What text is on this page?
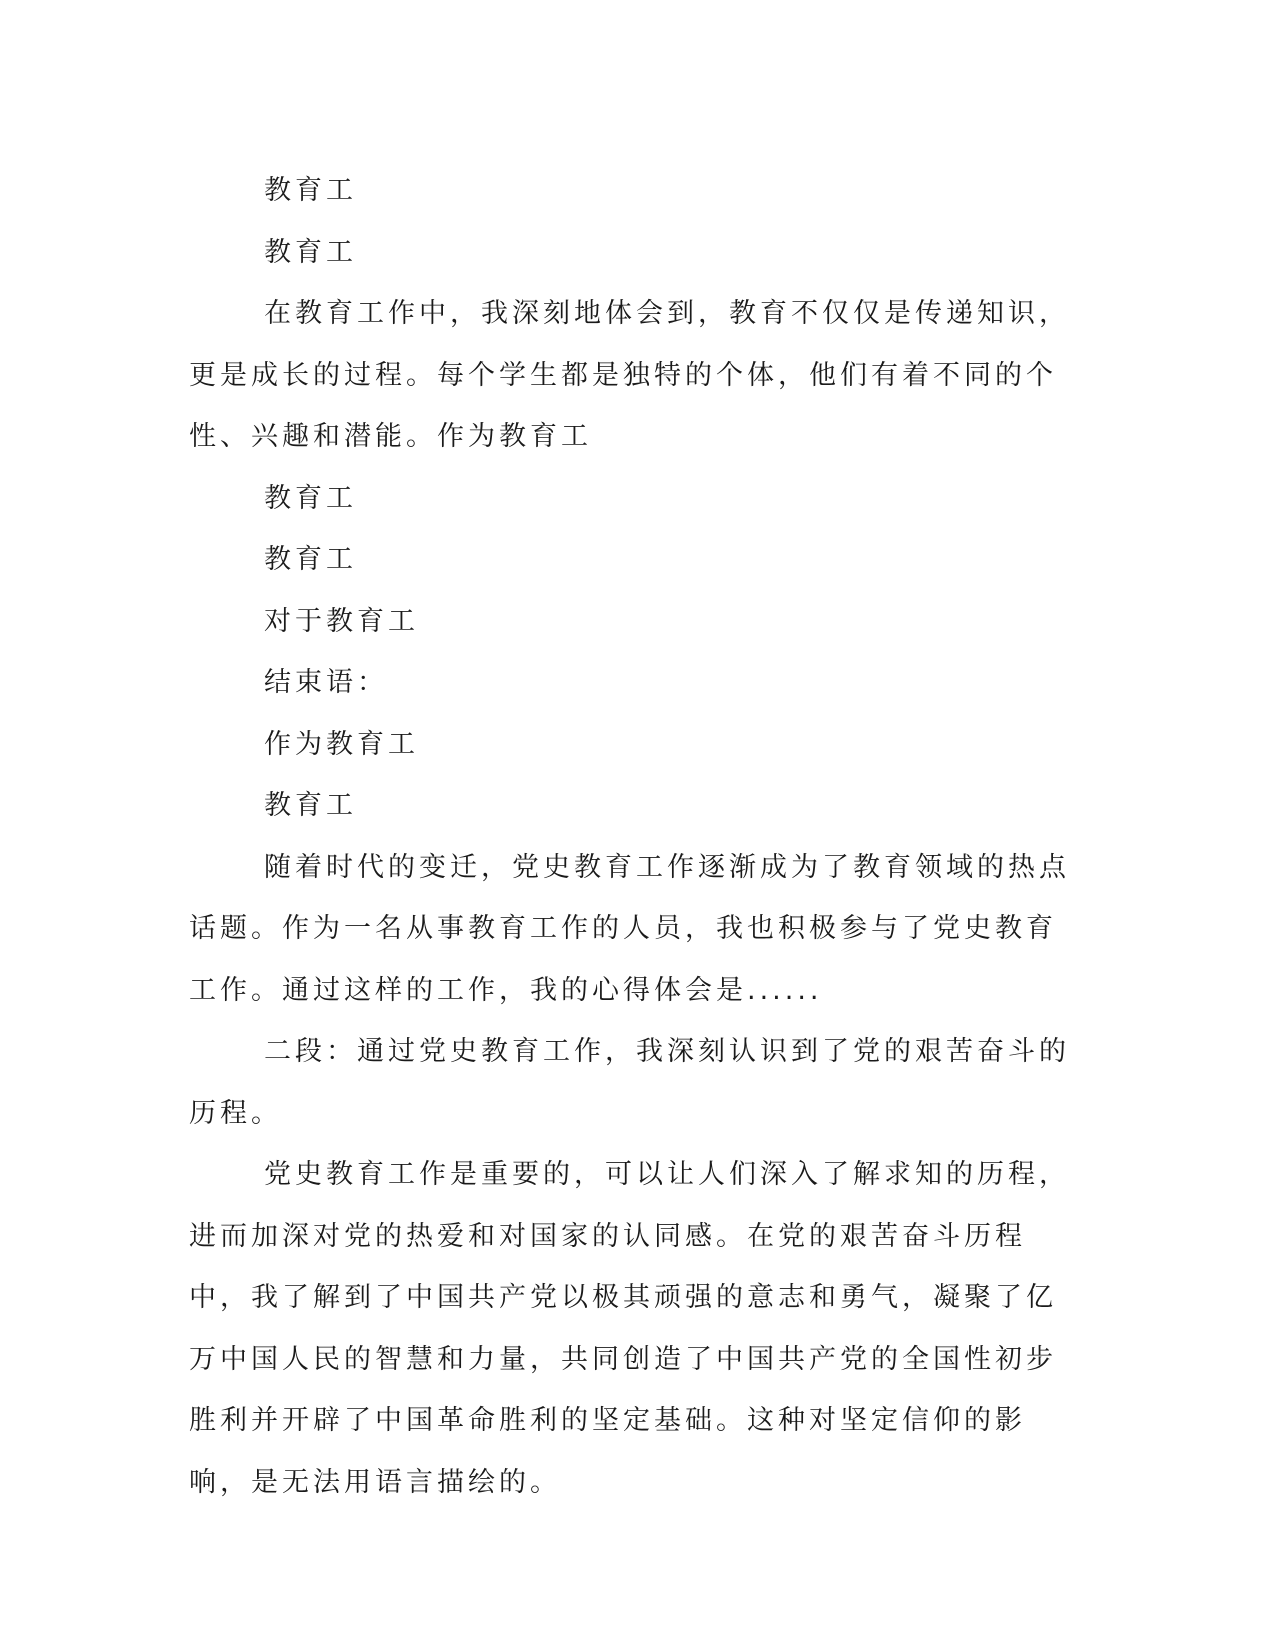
教育工

教育工

在教育工作中，我深刻地体会到，教育不仅仅是传递知识，更是成长的过程。每个学生都是独特的个体，他们有着不同的个性、兴趣和潜能。作为教育工

教育工

教育工

对于教育工

结束语：

作为教育工

教育工

随着时代的变迁，党史教育工作逐渐成为了教育领域的热点话题。作为一名从事教育工作的人员，我也积极参与了党史教育工作。通过这样的工作，我的心得体会是......

二段：通过党史教育工作，我深刻认识到了党的艰苦奋斗的历程。

党史教育工作是重要的，可以让人们深入了解求知的历程，进而加深对党的热爱和对国家的认同感。在党的艰苦奋斗历程中，我了解到了中国共产党以极其顽强的意志和勇气，凝聚了亿万中国人民的智慧和力量，共同创造了中国共产党的全国性初步胜利并开辟了中国革命胜利的坚定基础。这种对坚定信仰的影响，是无法用语言描绘的。
